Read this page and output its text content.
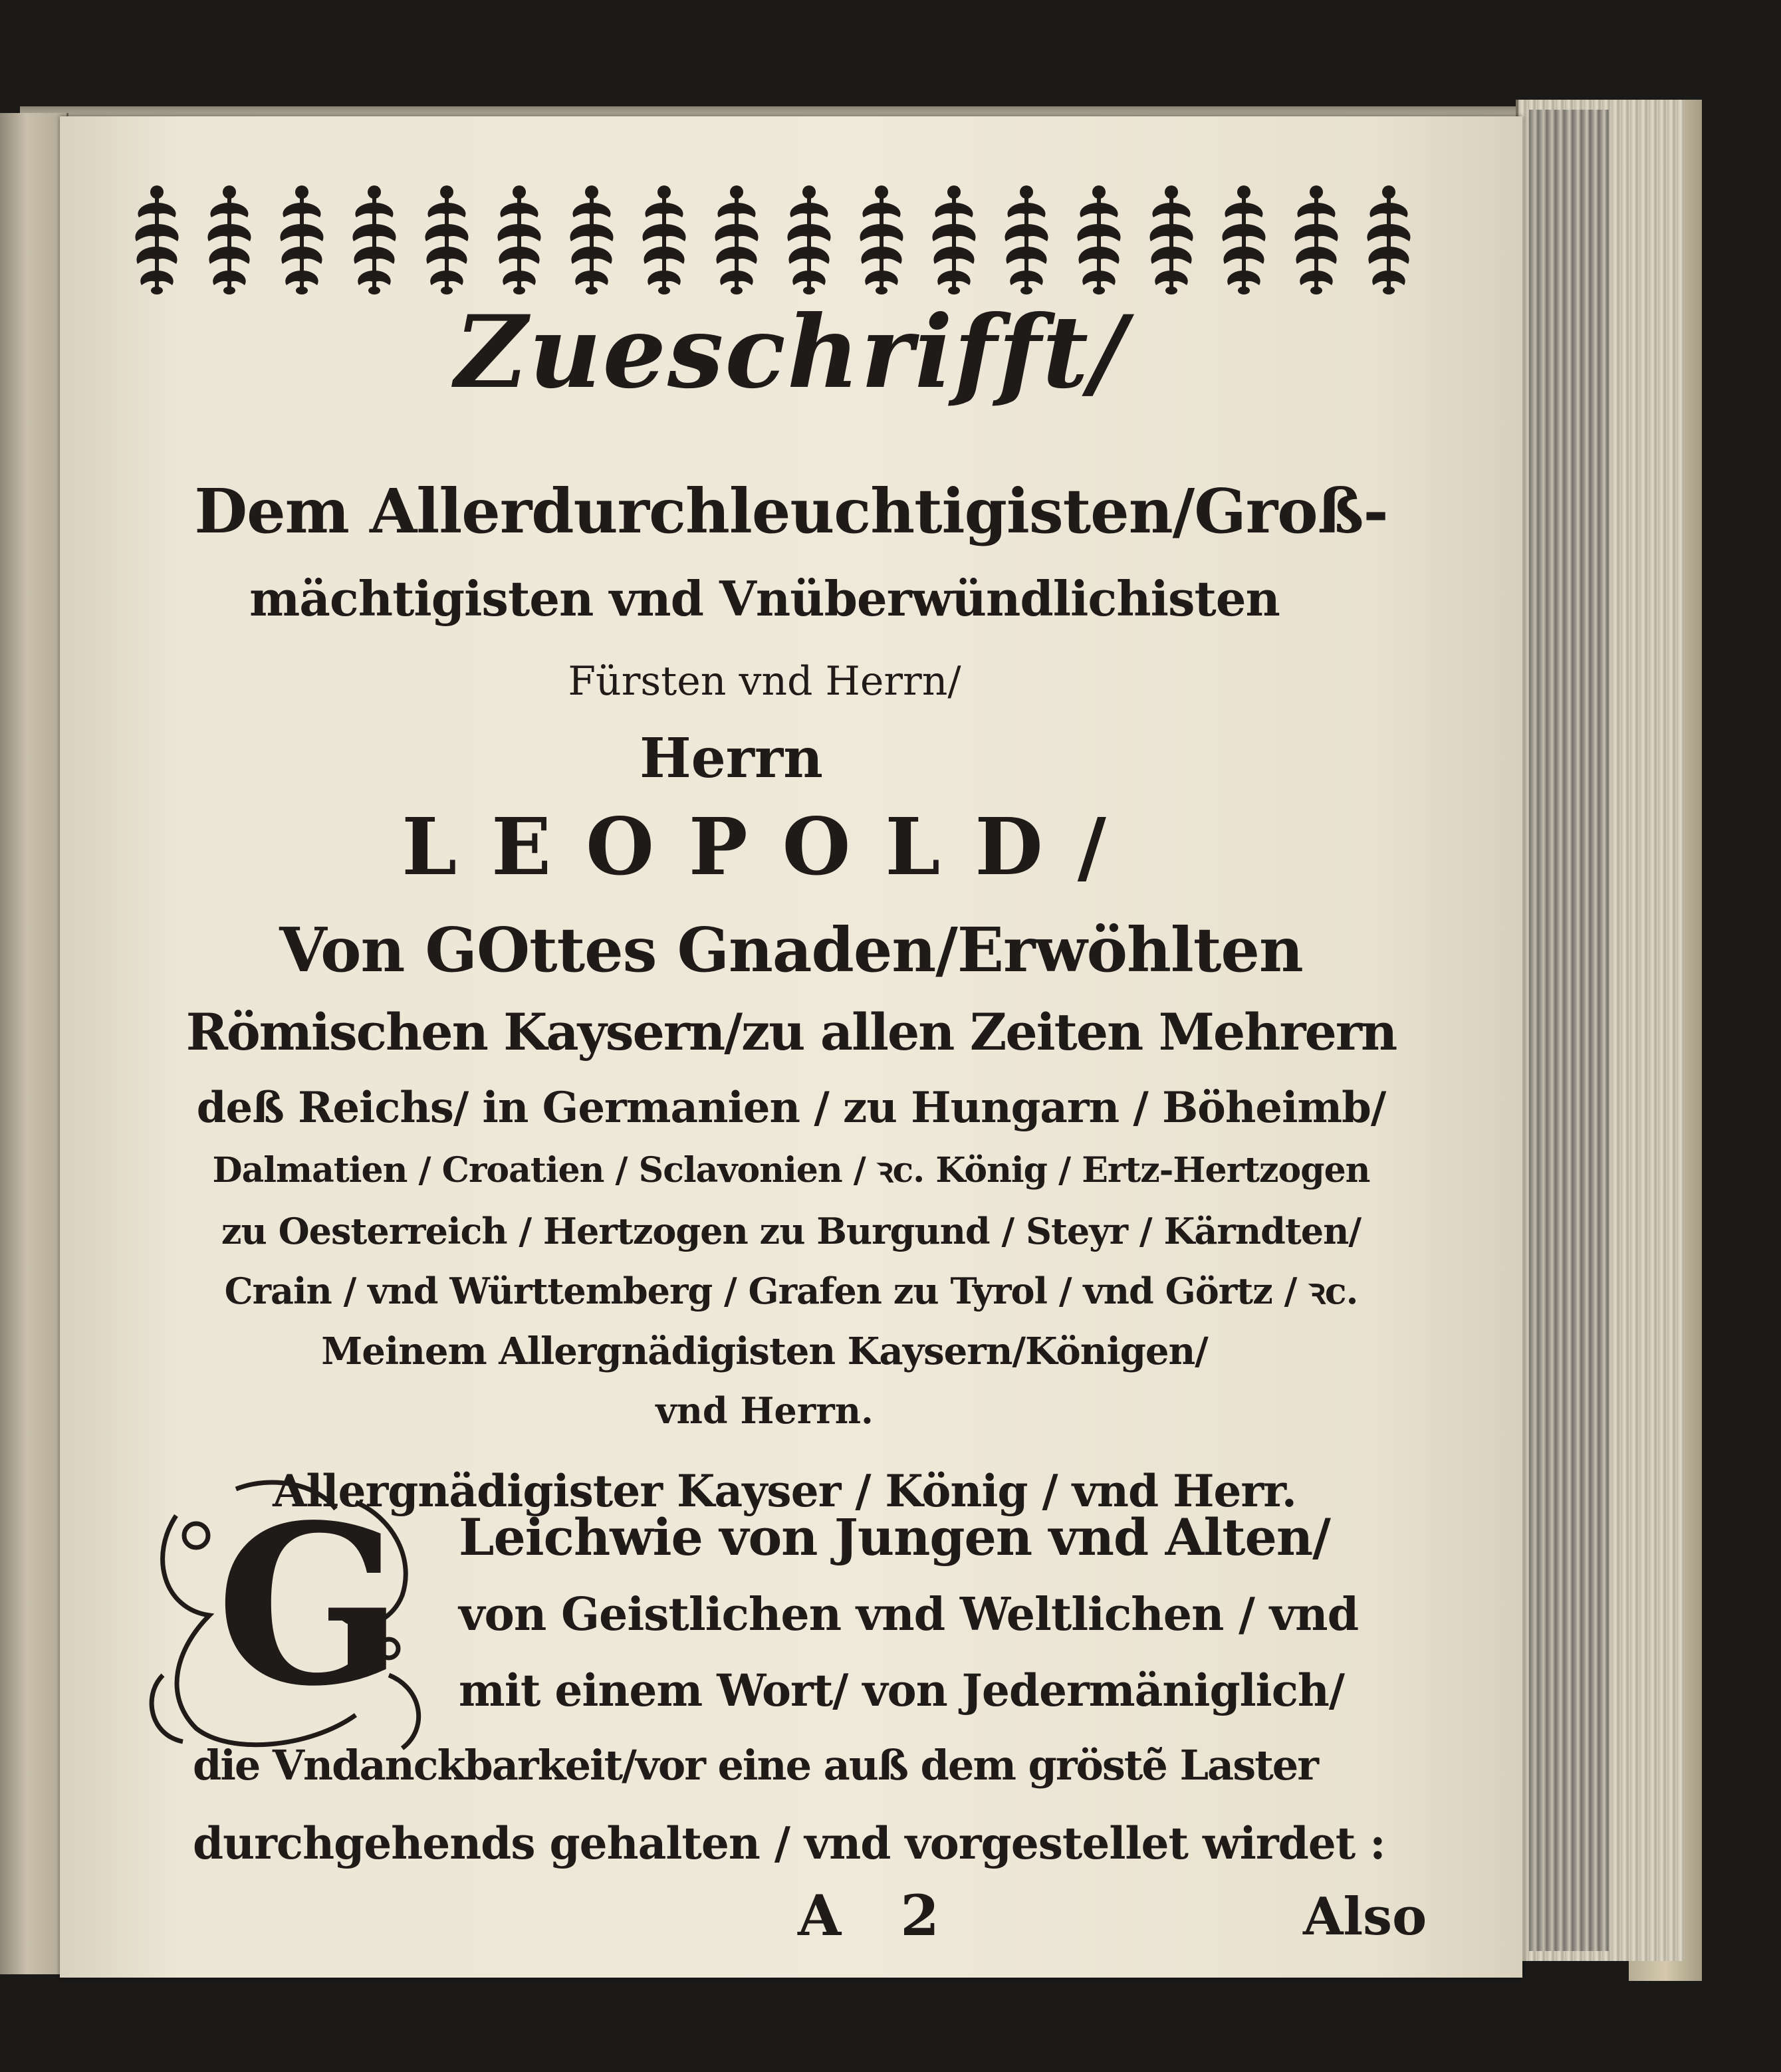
Zueschrifft/
Dem Allerdurchleuchtigisten/Groß-
mächtigisten vnd Vnüberwündlichisten
Fürsten vnd Herrn/
Herrn
LEOPOLD/
Von GOttes Gnaden/Erwöhlten
Römischen Kaysern/zu allen Zeiten Mehrern
deß Reichs/ in Germanien / zu Hungarn / Böheimb/
Dalmatien / Croatien / Sclavonien / ꝛc. König / Ertz-Hertzogen
zu Oesterreich / Hertzogen zu Burgund / Steyr / Kärndten/
Crain / vnd Württemberg / Grafen zu Tyrol / vnd Görtz / ꝛc.
Meinem Allergnädigisten Kaysern/Königen/
vnd Herrn.
Allergnädigister Kayser / König / vnd Herr.
G Leichwie von Jungen vnd Alten/
von Geistlichen vnd Weltlichen / vnd
mit einem Wort/ von Jedermäniglich/
die Vndanckbarkeit/vor eine auß dem gröstẽ Laster
durchgehends gehalten / vnd vorgestellet wirdet :
A 2	Also
